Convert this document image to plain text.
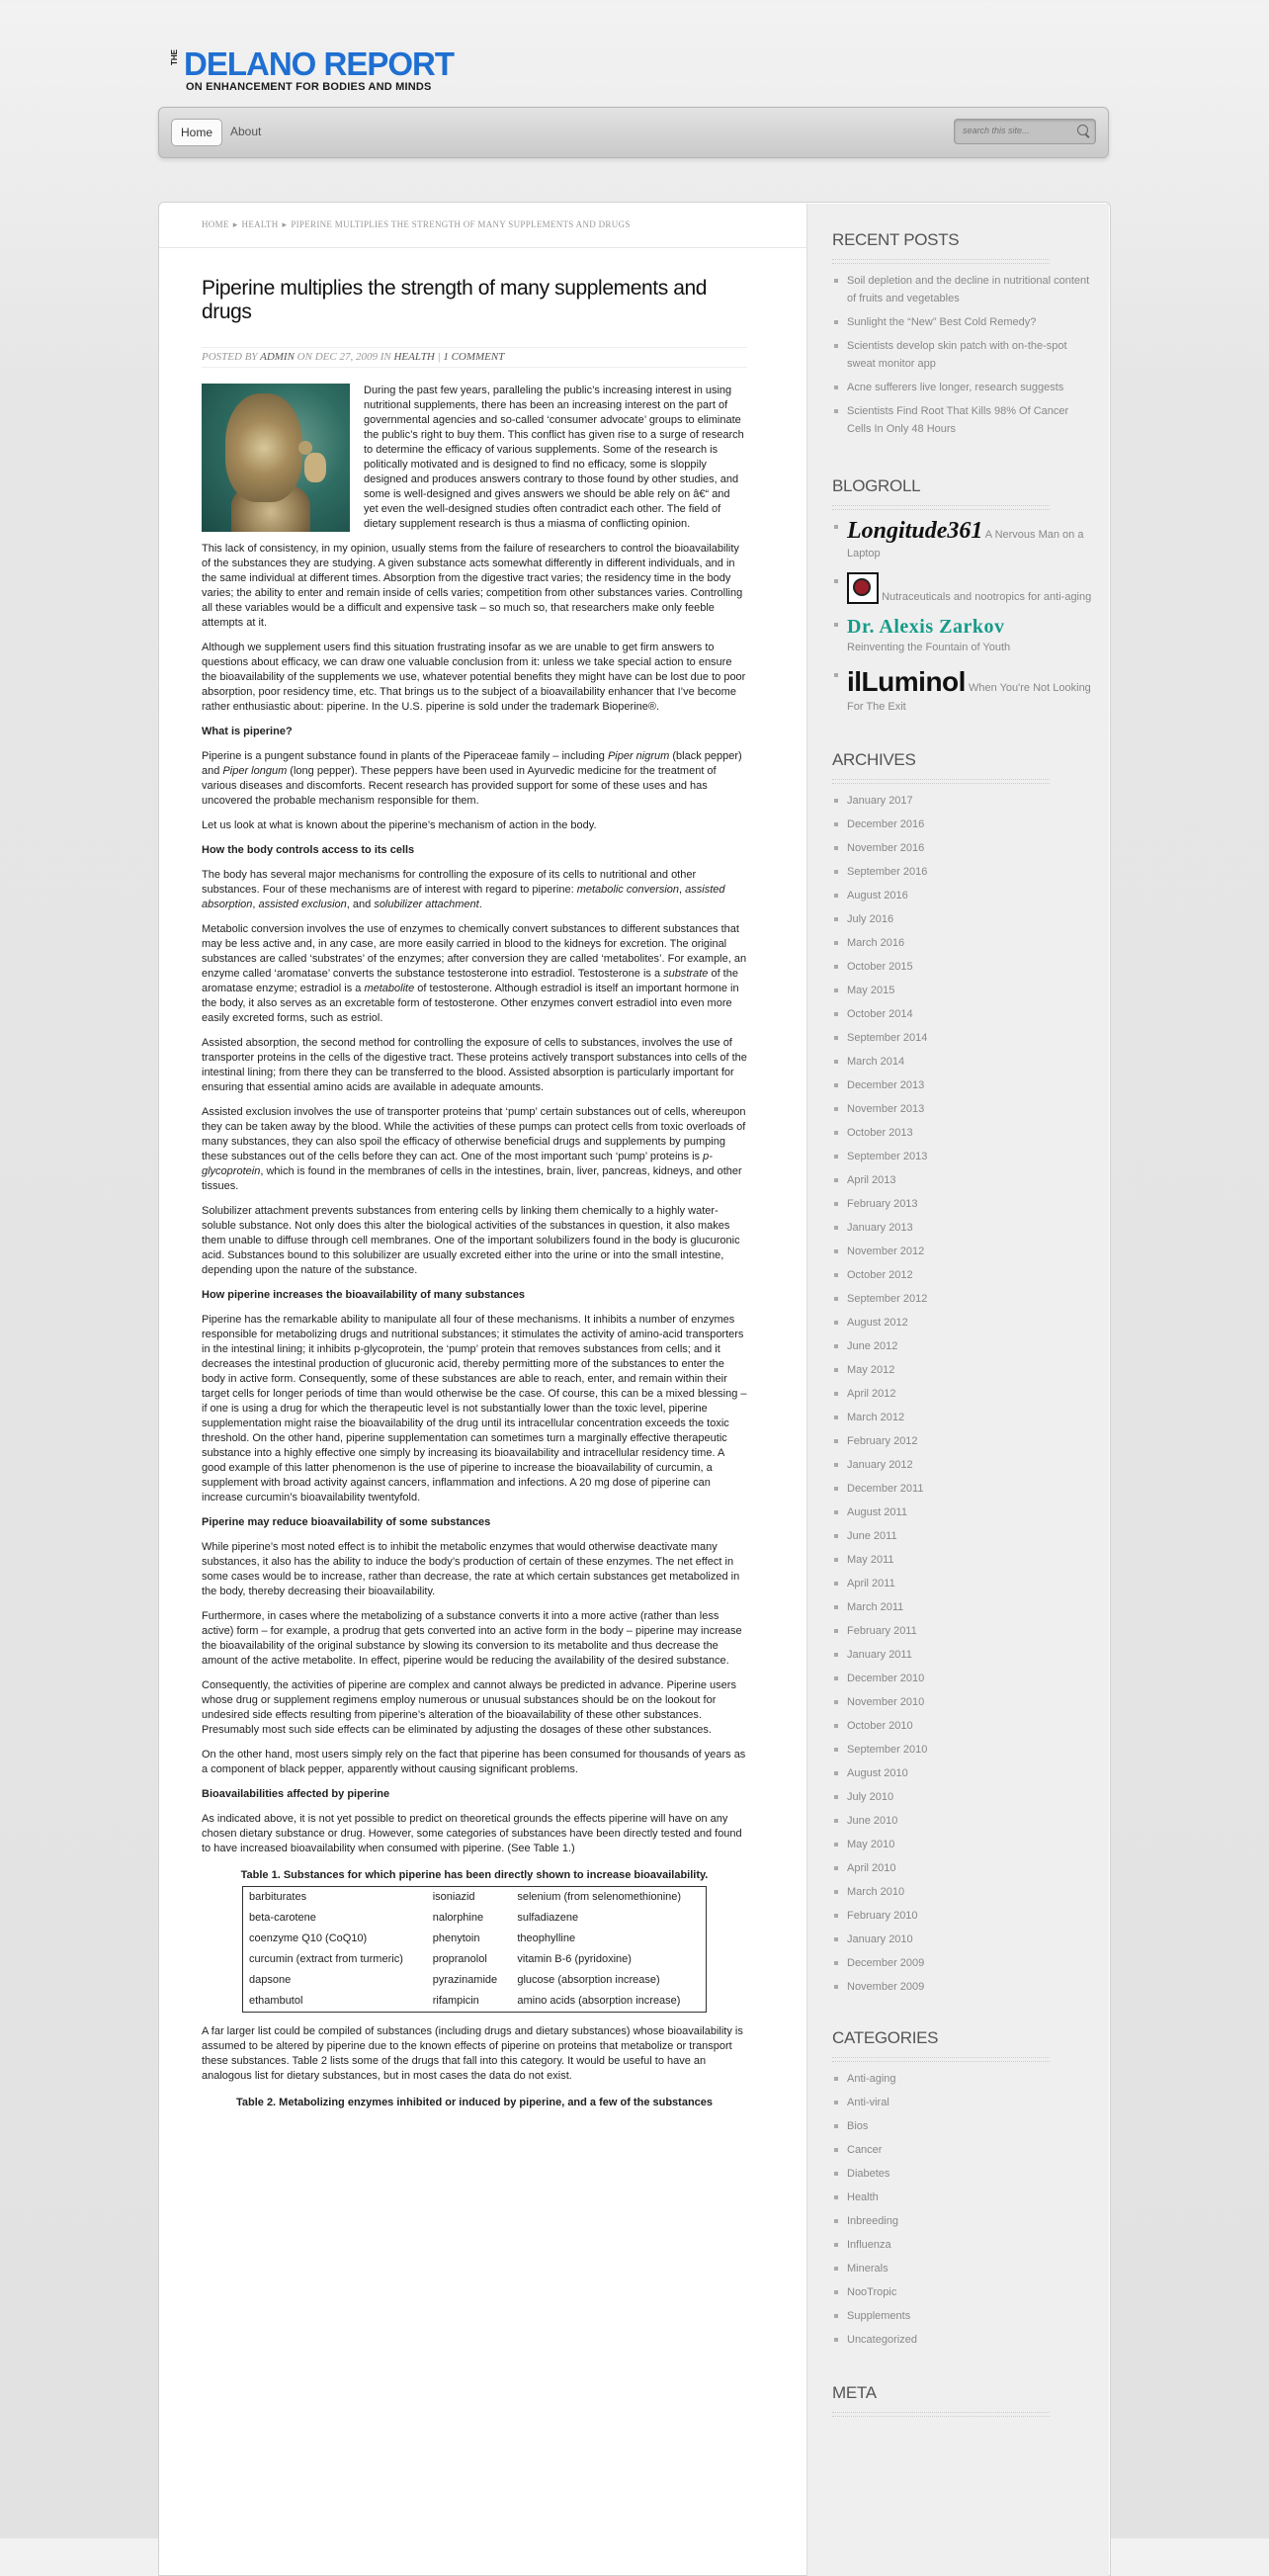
THE DELANO REPORT
ON ENHANCEMENT FOR BODIES AND MINDS
Home	About
search this site...
HOME ▸ HEALTH ▸ PIPERINE MULTIPLIES THE STRENGTH OF MANY SUPPLEMENTS AND DRUGS
Piperine multiplies the strength of many supplements and drugs
POSTED BY ADMIN ON DEC 27, 2009 IN HEALTH | 1 COMMENT

During the past few years, paralleling the public’s increasing interest in using nutritional supplements, there has been an increasing interest on the part of governmental agencies and so-called ‘consumer advocate’ groups to eliminate the public’s right to buy them. This conflict has given rise to a surge of research to determine the efficacy of various supplements. Some of the research is politically motivated and is designed to find no efficacy, some is sloppily designed and produces answers contrary to those found by other studies, and some is well-designed and gives answers we should be able rely on â€“ and yet even the well-designed studies often contradict each other. The field of dietary supplement research is thus a miasma of conflicting opinion.

This lack of consistency, in my opinion, usually stems from the failure of researchers to control the bioavailability of the substances they are studying. A given substance acts somewhat differently in different individuals, and in the same individual at different times. Absorption from the digestive tract varies; the residency time in the body varies; the ability to enter and remain inside of cells varies; competition from other substances varies. Controlling all these variables would be a difficult and expensive task – so much so, that researchers make only feeble attempts at it.

Although we supplement users find this situation frustrating insofar as we are unable to get firm answers to questions about efficacy, we can draw one valuable conclusion from it: unless we take special action to ensure the bioavailability of the supplements we use, whatever potential benefits they might have can be lost due to poor absorption, poor residency time, etc. That brings us to the subject of a bioavailability enhancer that I’ve become rather enthusiastic about: piperine. In the U.S. piperine is sold under the trademark Bioperine®.

What is piperine?

Piperine is a pungent substance found in plants of the Piperaceae family – including Piper nigrum (black pepper) and Piper longum (long pepper). These peppers have been used in Ayurvedic medicine for the treatment of various diseases and discomforts. Recent research has provided support for some of these uses and has uncovered the probable mechanism responsible for them.

Let us look at what is known about the piperine’s mechanism of action in the body.

How the body controls access to its cells

The body has several major mechanisms for controlling the exposure of its cells to nutritional and other substances. Four of these mechanisms are of interest with regard to piperine: metabolic conversion, assisted absorption, assisted exclusion, and solubilizer attachment.

Metabolic conversion involves the use of enzymes to chemically convert substances to different substances that may be less active and, in any case, are more easily carried in blood to the kidneys for excretion. The original substances are called ‘substrates’ of the enzymes; after conversion they are called ‘metabolites’. For example, an enzyme called ‘aromatase’ converts the substance testosterone into estradiol. Testosterone is a substrate of the aromatase enzyme; estradiol is a metabolite of testosterone. Although estradiol is itself an important hormone in the body, it also serves as an excretable form of testosterone. Other enzymes convert estradiol into even more easily excreted forms, such as estriol.

Assisted absorption, the second method for controlling the exposure of cells to substances, involves the use of transporter proteins in the cells of the digestive tract. These proteins actively transport substances into cells of the intestinal lining; from there they can be transferred to the blood. Assisted absorption is particularly important for ensuring that essential amino acids are available in adequate amounts.

Assisted exclusion involves the use of transporter proteins that ‘pump’ certain substances out of cells, whereupon they can be taken away by the blood. While the activities of these pumps can protect cells from toxic overloads of many substances, they can also spoil the efficacy of otherwise beneficial drugs and supplements by pumping these substances out of the cells before they can act. One of the most important such ‘pump’ proteins is p-glycoprotein, which is found in the membranes of cells in the intestines, brain, liver, pancreas, kidneys, and other tissues.

Solubilizer attachment prevents substances from entering cells by linking them chemically to a highly water-soluble substance. Not only does this alter the biological activities of the substances in question, it also makes them unable to diffuse through cell membranes. One of the important solubilizers found in the body is glucuronic acid. Substances bound to this solubilizer are usually excreted either into the urine or into the small intestine, depending upon the nature of the substance.

How piperine increases the bioavailability of many substances

Piperine has the remarkable ability to manipulate all four of these mechanisms. It inhibits a number of enzymes responsible for metabolizing drugs and nutritional substances; it stimulates the activity of amino-acid transporters in the intestinal lining; it inhibits p-glycoprotein, the ‘pump’ protein that removes substances from cells; and it decreases the intestinal production of glucuronic acid, thereby permitting more of the substances to enter the body in active form. Consequently, some of these substances are able to reach, enter, and remain within their target cells for longer periods of time than would otherwise be the case. Of course, this can be a mixed blessing – if one is using a drug for which the therapeutic level is not substantially lower than the toxic level, piperine supplementation might raise the bioavailability of the drug until its intracellular concentration exceeds the toxic threshold. On the other hand, piperine supplementation can sometimes turn a marginally effective therapeutic substance into a highly effective one simply by increasing its bioavailability and intracellular residency time. A good example of this latter phenomenon is the use of piperine to increase the bioavailability of curcumin, a supplement with broad activity against cancers, inflammation and infections. A 20 mg dose of piperine can increase curcumin’s bioavailability twentyfold.

Piperine may reduce bioavailability of some substances

While piperine’s most noted effect is to inhibit the metabolic enzymes that would otherwise deactivate many substances, it also has the ability to induce the body’s production of certain of these enzymes. The net effect in some cases would be to increase, rather than decrease, the rate at which certain substances get metabolized in the body, thereby decreasing their bioavailability.

Furthermore, in cases where the metabolizing of a substance converts it into a more active (rather than less active) form – for example, a prodrug that gets converted into an active form in the body – piperine may increase the bioavailability of the original substance by slowing its conversion to its metabolite and thus decrease the amount of the active metabolite. In effect, piperine would be reducing the availability of the desired substance.

Consequently, the activities of piperine are complex and cannot always be predicted in advance. Piperine users whose drug or supplement regimens employ numerous or unusual substances should be on the lookout for undesired side effects resulting from piperine’s alteration of the bioavailability of these other substances. Presumably most such side effects can be eliminated by adjusting the dosages of these other substances.

On the other hand, most users simply rely on the fact that piperine has been consumed for thousands of years as a component of black pepper, apparently without causing significant problems.

Bioavailabilities affected by piperine

As indicated above, it is not yet possible to predict on theoretical grounds the effects piperine will have on any chosen dietary substance or drug. However, some categories of substances have been directly tested and found to have increased bioavailability when consumed with piperine. (See Table 1.)

Table 1. Substances for which piperine has been directly shown to increase bioavailability.
barbiturates	isoniazid	selenium (from selenomethionine)
beta-carotene	nalorphine	sulfadiazene
coenzyme Q10 (CoQ10)	phenytoin	theophylline
curcumin (extract from turmeric)	propranolol	vitamin B-6 (pyridoxine)
dapsone	pyrazinamide	glucose (absorption increase)
ethambutol	rifampicin	amino acids (absorption increase)

A far larger list could be compiled of substances (including drugs and dietary substances) whose bioavailability is assumed to be altered by piperine due to the known effects of piperine on proteins that metabolize or transport these substances. Table 2 lists some of the drugs that fall into this category. It would be useful to have an analogous list for dietary substances, but in most cases the data do not exist.

Table 2. Metabolizing enzymes inhibited or induced by piperine, and a few of the substances
RECENT POSTS
Soil depletion and the decline in nutritional content of fruits and vegetables
Sunlight the “New” Best Cold Remedy?
Scientists develop skin patch with on-the-spot sweat monitor app
Acne sufferers live longer, research suggests
Scientists Find Root That Kills 98% Of Cancer Cells In Only 48 Hours
BLOGROLL
Longitude361 A Nervous Man on a Laptop
Nutraceuticals and nootropics for anti-aging
Dr. Alexis Zarkov
Reinventing the Fountain of Youth
ilLuminol When You're Not Looking For The Exit
ARCHIVES
January 2017
December 2016
November 2016
September 2016
August 2016
July 2016
March 2016
October 2015
May 2015
October 2014
September 2014
March 2014
December 2013
November 2013
October 2013
September 2013
April 2013
February 2013
January 2013
November 2012
October 2012
September 2012
August 2012
June 2012
May 2012
April 2012
March 2012
February 2012
January 2012
December 2011
August 2011
June 2011
May 2011
April 2011
March 2011
February 2011
January 2011
December 2010
November 2010
October 2010
September 2010
August 2010
July 2010
June 2010
May 2010
April 2010
March 2010
February 2010
January 2010
December 2009
November 2009
CATEGORIES
Anti-aging
Anti-viral
Bios
Cancer
Diabetes
Health
Inbreeding
Influenza
Minerals
NooTropic
Supplements
Uncategorized
META
